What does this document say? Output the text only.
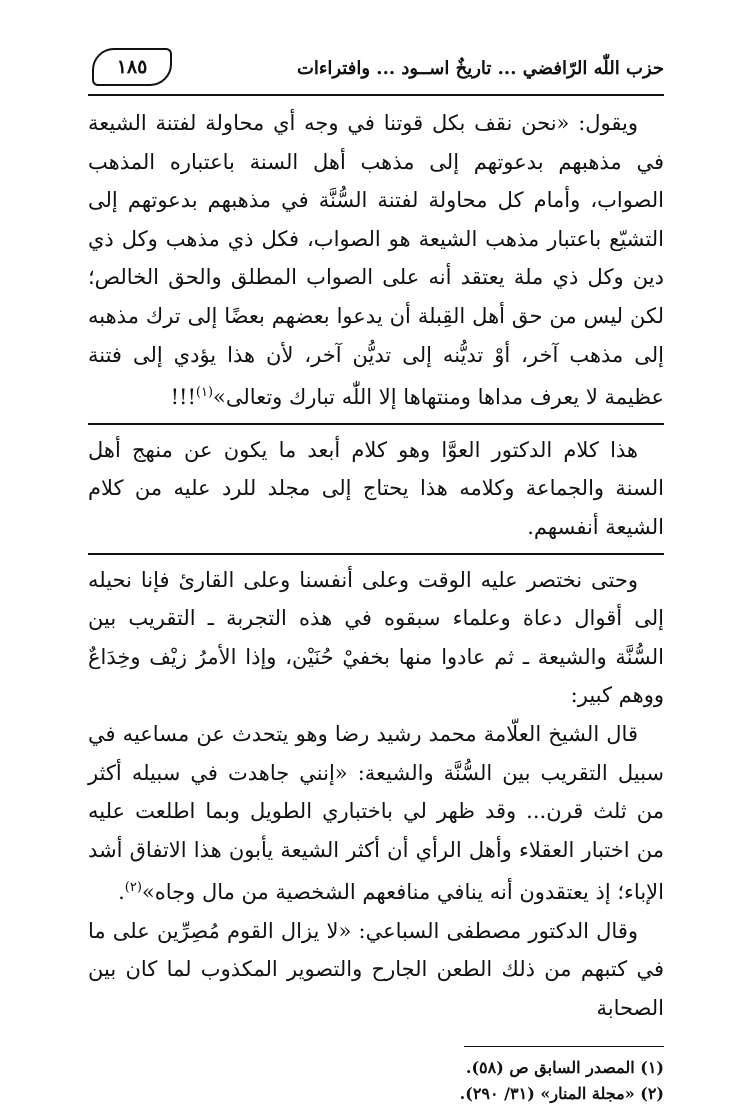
حزب اللّٰه الرّافضي ... تاريخٌ اســود ... وافتراءات
١٨٥

ويقول: «نحن نقف بكل قوتنا في وجه أي محاولة لفتنة الشيعة في مذهبهم بدعوتهم إلى مذهب أهل السنة باعتباره المذهب الصواب، وأمام كل محاولة لفتنة السُّنَّة في مذهبهم بدعوتهم إلى التشيّع باعتبار مذهب الشيعة هو الصواب، فكل ذي مذهب وكل ذي دين وكل ذي ملة يعتقد أنه على الصواب المطلق والحق الخالص؛ لكن ليس من حق أهل القِبلة أن يدعوا بعضهم بعضًا إلى ترك مذهبه إلى مذهب آخر، أوْ تديُّنه إلى تديُّن آخر، لأن هذا يؤدي إلى فتنة عظيمة لا يعرف مداها ومنتهاها إلا اللّٰه تبارك وتعالى»$^{(١)}$!!!

هذا كلام الدكتور العوَّا وهو كلام أبعد ما يكون عن منهج أهل السنة والجماعة وكلامه هذا يحتاج إلى مجلد للرد عليه من كلام الشيعة أنفسهم.

وحتى نختصر عليه الوقت وعلى أنفسنا وعلى القارئ فإنا نحيله إلى أقوال دعاة وعلماء سبقوه في هذه التجربة ـ التقريب بين السُّنَّة والشيعة ـ ثم عادوا منها بخفيْ حُنَيْن، وإذا الأمرُ زيْف وخِدَاعٌ ووهم كبير:

قال الشيخ العلّامة محمد رشيد رضا وهو يتحدث عن مساعيه في سبيل التقريب بين السُّنَّة والشيعة: «إنني جاهدت في سبيله أكثر من ثلث قرن... وقد ظهر لي باختباري الطويل وبما اطلعت عليه من اختبار العقلاء وأهل الرأي أن أكثر الشيعة يأبون هذا الاتفاق أشد الإباء؛ إذ يعتقدون أنه ينافي منافعهم الشخصية من مال وجاه»$^{(٢)}$.

وقال الدكتور مصطفى السباعي: «لا يزال القوم مُصِرِّين على ما في كتبهم من ذلك الطعن الجارح والتصوير المكذوب لما كان بين الصحابة

(١) المصدر السابق ص (٥٨).

(٢) «مجلة المنار» (٣١/ ٢٩٠).
